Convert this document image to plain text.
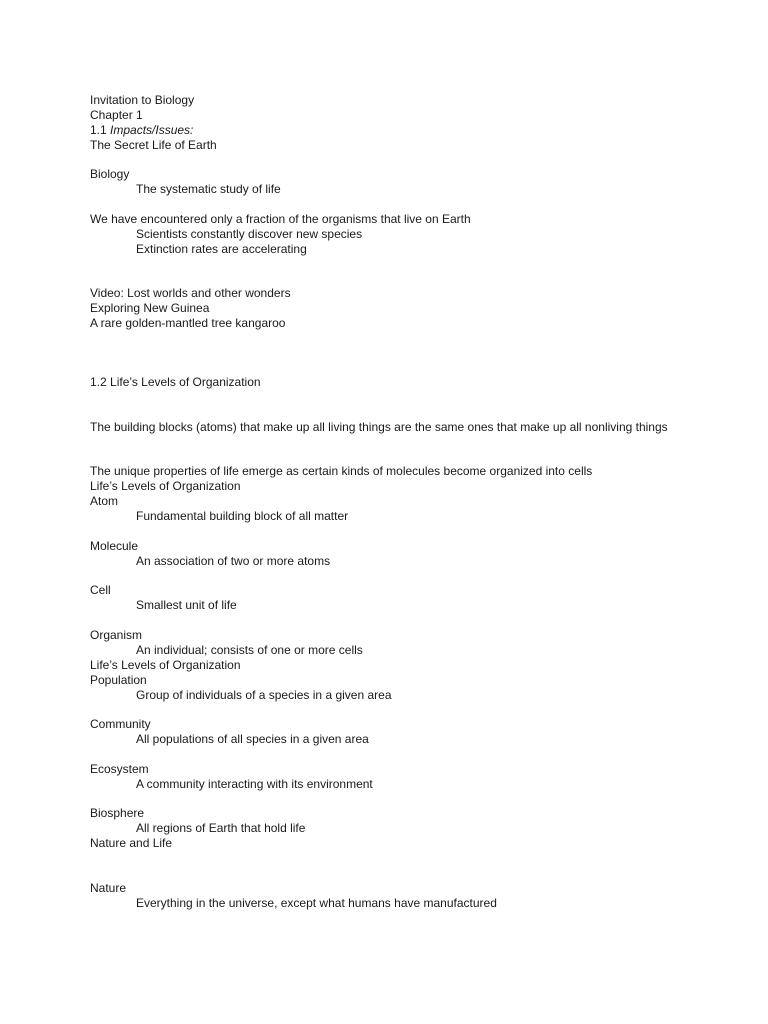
Invitation to Biology
Chapter 1
1.1 Impacts/Issues:
The Secret Life of Earth
Biology
The systematic study of life
We have encountered only a fraction of the organisms that live on Earth
Scientists constantly discover new species
Extinction rates are accelerating
Video: Lost worlds and other wonders
Exploring New Guinea
A rare golden-mantled tree kangaroo
1.2 Life’s Levels of Organization
The building blocks (atoms) that make up all living things are the same ones that make up all nonliving things
The unique properties of life emerge as certain kinds of molecules become organized into cells
Life’s Levels of Organization
Atom
Fundamental building block of all matter
Molecule
An association of two or more atoms
Cell
Smallest unit of life
Organism
An individual; consists of one or more cells
Life’s Levels of Organization
Population
Group of individuals of a species in a given area
Community
All populations of all species in a given area
Ecosystem
A community interacting with its environment
Biosphere
All regions of Earth that hold life
Nature and Life
Nature
Everything in the universe, except what humans have manufactured
